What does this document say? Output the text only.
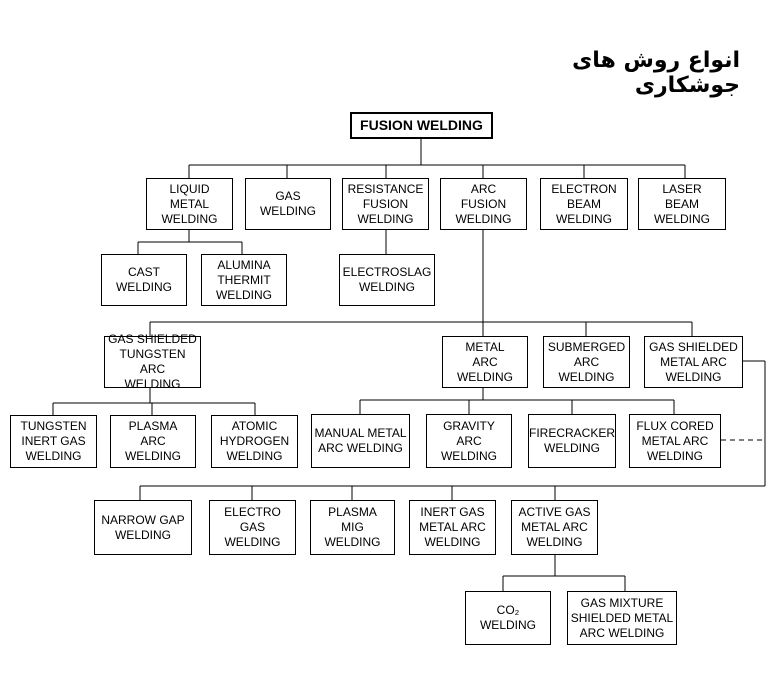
انواع روش های جوشکاری
FUSION WELDING
LIQUID
METAL
WELDING
GAS
WELDING
RESISTANCE
FUSION
WELDING
ARC
FUSION
WELDING
ELECTRON
BEAM
WELDING
LASER
BEAM
WELDING
CAST
WELDING
ALUMINA
THERMIT
WELDING
ELECTROSLAG
WELDING
GAS SHIELDED
TUNGSTEN ARC
WELDING
METAL
ARC
WELDING
SUBMERGED
ARC
WELDING
GAS SHIELDED
METAL ARC
WELDING
TUNGSTEN
INERT GAS
WELDING
PLASMA
ARC
WELDING
ATOMIC
HYDROGEN
WELDING
MANUAL METAL
ARC WELDING
GRAVITY
ARC
WELDING
FIRECRACKER
WELDING
FLUX CORED
METAL ARC
WELDING
NARROW GAP
WELDING
ELECTRO
GAS
WELDING
PLASMA
MIG
WELDING
INERT GAS
METAL ARC
WELDING
ACTIVE GAS
METAL ARC
WELDING
CO₂
WELDING
GAS MIXTURE
SHIELDED METAL
ARC WELDING
